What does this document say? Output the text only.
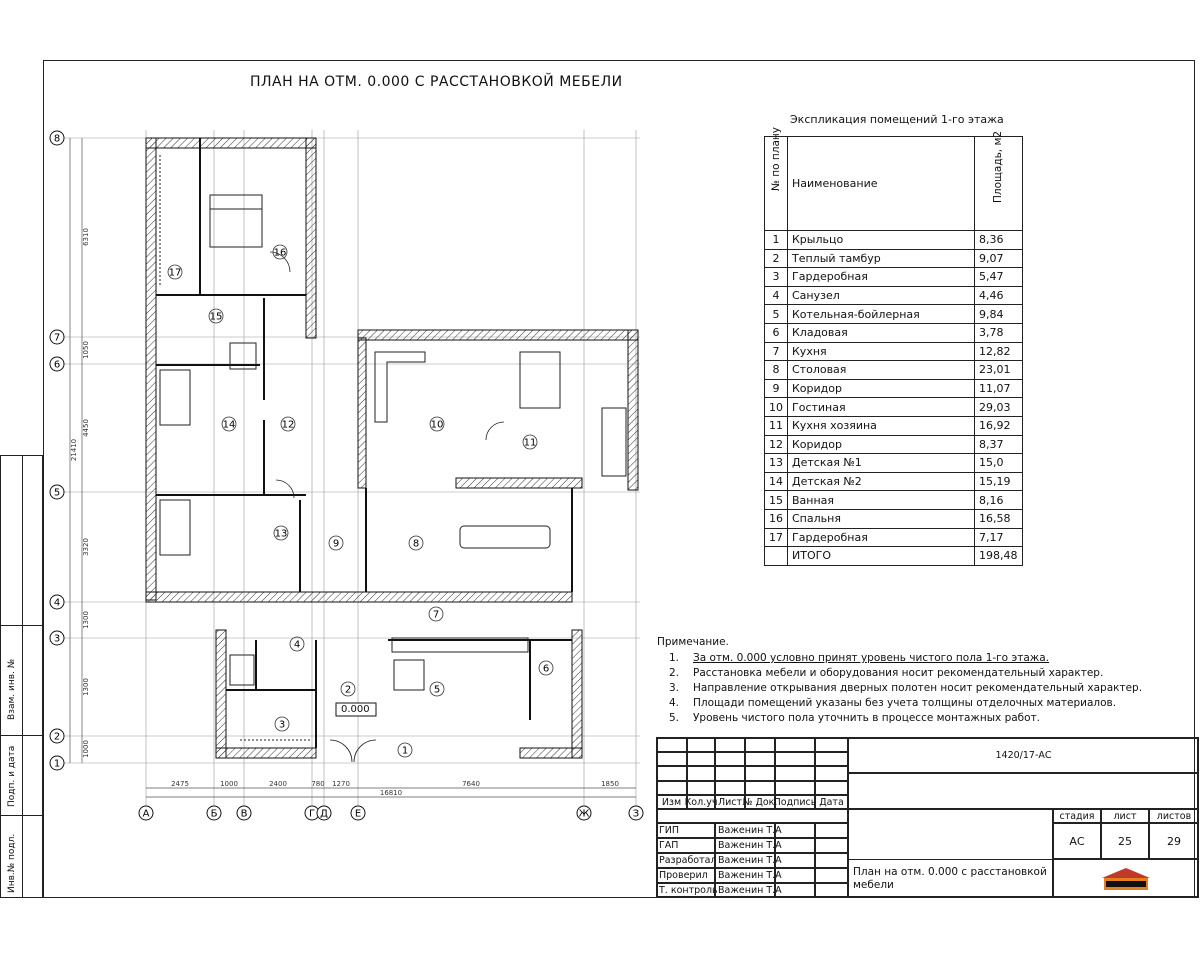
ПЛАН НА ОТМ. 0.000 С РАССТАНОВКОЙ МЕБЕЛИ
Взам. инв. №
Подп. и дата
Инв.№ подл.
8
7
6
5
4
3
2
1
А	Б В	Г Д	Е	Ж	З
1
2
3
4
5
6
7
8
9
10
11
12
13
14
15
16
17
6310
1050
4450
3320
1300
1300
1000
21410
2475	1000	2400	780 1270	7640	1850
16810
0.000
Экспликация помещений 1-го этажа
№ по плану	Наименование	Площадь, м2

1	Крыльцо	8,36
2	Теплый тамбур	9,07
3	Гардеробная	5,47
4	Санузел	4,46
5	Котельная-бойлерная	9,84
6	Кладовая	3,78
7	Кухня	12,82
8	Столовая	23,01
9	Коридор	11,07
10	Гостиная	29,03
11	Кухня хозяина	16,92
12	Коридор	8,37
13	Детская №1	15,0
14	Детская №2	15,19
15	Ванная	8,16
16	Спальня	16,58
17	Гардеробная	7,17
	ИТОГО	198,48
Примечание.
1. За отм. 0.000 условно принят уровень чистого пола 1-го этажа.
2. Расстановка мебели и оборудования носит рекомендательный характер.
3. Направление открывания дверных полотен носит рекомендательный характер.
4. Площади помещений указаны без учета толщины отделочных материалов.
5. Уровень чистого пола уточнить в процессе монтажных работ.
1420/17-АС
План на отм. 0.000 с расстановкой мебели
стадия	лист	листов
АС	25	29
Изм Кол.уч Лист № Док.
Подпись Дата
ГИП	Важенин Т.А
ГАП	Важенин Т.А
Разработал Важенин Т.А
Проверил	Важенин Т.А
Т. контроль Важенин Т.А
